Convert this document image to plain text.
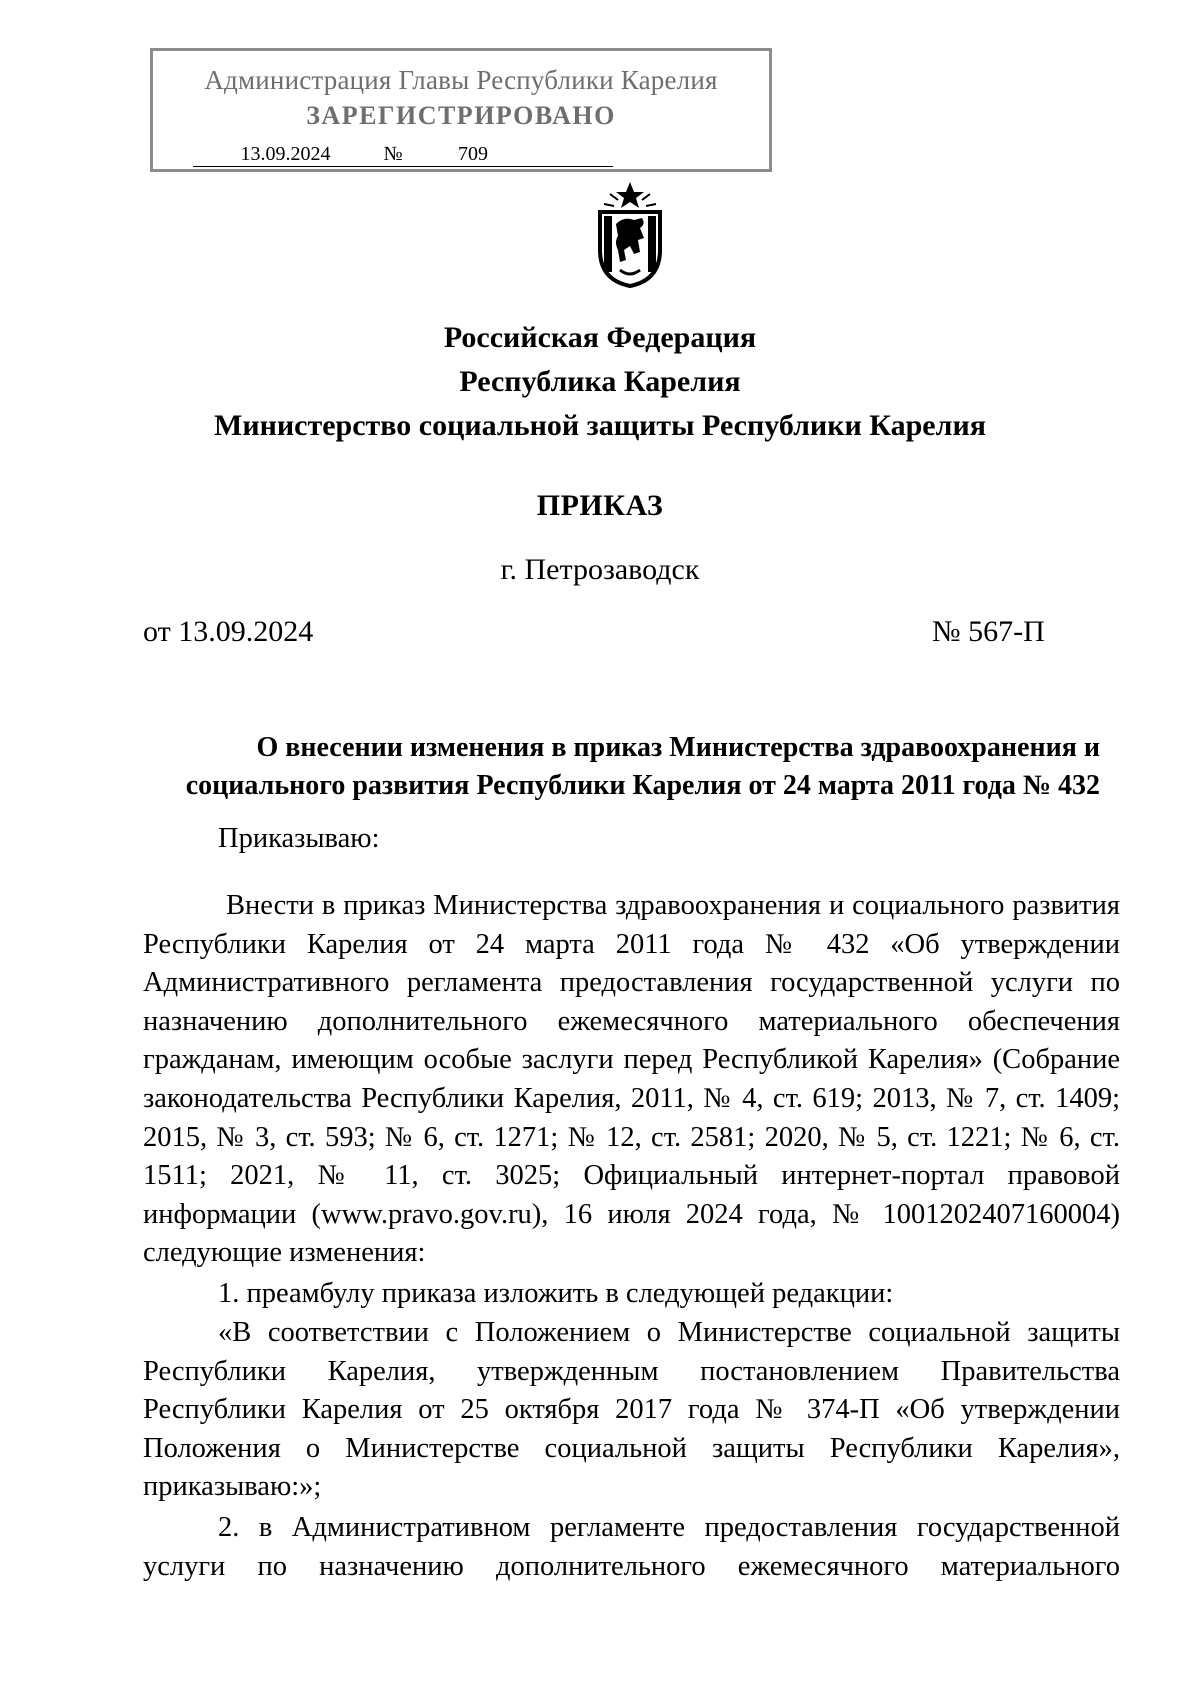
Администрация Главы Республики Карелия
ЗАРЕГИСТРИРОВАНО
13.09.2024	№	709
Российская Федерация
Республика Карелия
Министерство социальной защиты Республики Карелия
ПРИКАЗ
г. Петрозаводск
от 13.09.2024	№ 567-П
О внесении изменения в приказ Министерства здравоохранения и социального развития Республики Карелия от 24 марта 2011 года № 432
Приказываю:

Внести в приказ Министерства здравоохранения и социального развития Республики Карелия от 24 марта 2011 года № 432 «Об утверждении Административного регламента предоставления государственной услуги по назначению дополнительного ежемесячного материального обеспечения гражданам, имеющим особые заслуги перед Республикой Карелия» (Собрание законодательства Республики Карелия, 2011, № 4, ст. 619; 2013, № 7, ст. 1409; 2015, № 3, ст. 593; № 6, ст. 1271; № 12, ст. 2581; 2020, № 5, ст. 1221; № 6, ст. 1511; 2021, № 11, ст. 3025; Официальный интернет-портал правовой информации (www.pravo.gov.ru), 16 июля 2024 года, № 1001202407160004) следующие изменения:

1. преамбулу приказа изложить в следующей редакции:

«В соответствии с Положением о Министерстве социальной защиты Республики Карелия, утвержденным постановлением Правительства Республики Карелия от 25 октября 2017 года № 374-П «Об утверждении Положения о Министерстве социальной защиты Республики Карелия», приказываю:»;

2. в Административном регламенте предоставления государственной услуги по назначению дополнительного ежемесячного материального
